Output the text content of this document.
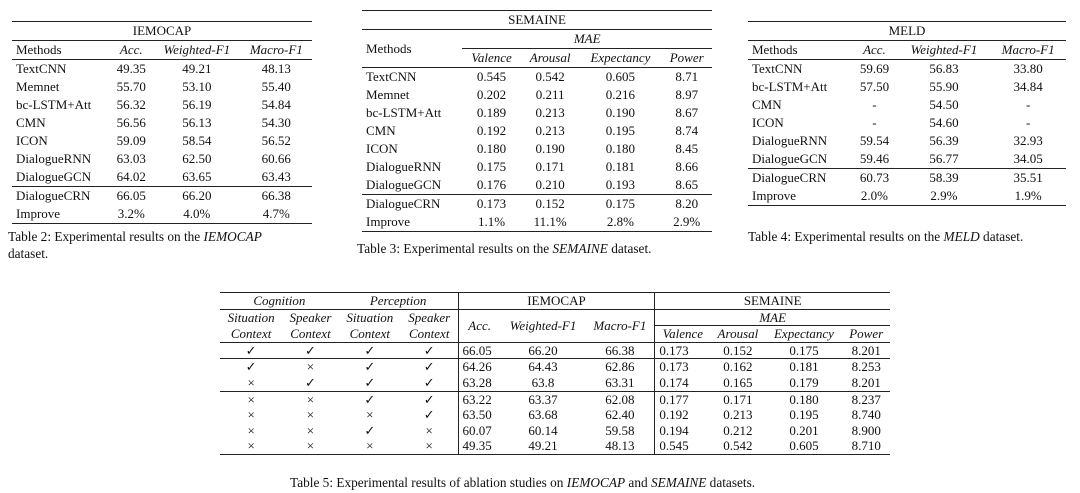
IEMOCAP			
Methods	Acc.	Weighted-F1	Macro-F1
TextCNN	49.35	49.21	48.13
Memnet	55.70	53.10	55.40
bc-LSTM+Att	56.32	56.19	54.84
CMN	56.56	56.13	54.30
ICON	59.09	58.54	56.52
DialogueRNN	63.03	62.50	60.66
DialogueGCN	64.02	63.65	63.43
DialogueCRN	66.05	66.20	66.38
Improve	3.2%	4.0%	4.7%
Table 2: Experimental results on the IEMOCAP
dataset.
SEMAINE				
Methods	MAE			
	Valence	Arousal	Expectancy	Power
TextCNN	0.545	0.542	0.605	8.71
Memnet	0.202	0.211	0.216	8.97
bc-LSTM+Att	0.189	0.213	0.190	8.67
CMN	0.192	0.213	0.195	8.74
ICON	0.180	0.190	0.180	8.45
DialogueRNN	0.175	0.171	0.181	8.66
DialogueGCN	0.176	0.210	0.193	8.65
DialogueCRN	0.173	0.152	0.175	8.20
Improve	1.1%	11.1%	2.8%	2.9%
Table 3: Experimental results on the SEMAINE dataset.
MELD			
Methods	Acc.	Weighted-F1	Macro-F1
TextCNN	59.69	56.83	33.80
bc-LSTM+Att	57.50	55.90	34.84
CMN	-	54.50	-
ICON	-	54.60	-
DialogueRNN	59.54	56.39	32.93
DialogueGCN	59.46	56.77	34.05
DialogueCRN	60.73	58.39	35.51
Improve	2.0%	2.9%	1.9%
Table 4: Experimental results on the MELD dataset.
Cognition		Perception		IEMOCAP			SEMAINE			
Situation	Speaker	Situation	Speaker	Acc.	Weighted-F1	Macro-F1	MAE			
Context	Context	Context	Context				Valence	Arousal	Expectancy	Power
✓	✓	✓	✓	66.05	66.20	66.38	0.173	0.152	0.175	8.201
✓	×	✓	✓	64.26	64.43	62.86	0.173	0.162	0.181	8.253
×	✓	✓	✓	63.28	63.8	63.31	0.174	0.165	0.179	8.201
×	×	✓	✓	63.22	63.37	62.08	0.177	0.171	0.180	8.237
×	×	×	✓	63.50	63.68	62.40	0.192	0.213	0.195	8.740
×	×	✓	×	60.07	60.14	59.58	0.194	0.212	0.201	8.900
×	×	×	×	49.35	49.21	48.13	0.545	0.542	0.605	8.710
Table 5: Experimental results of ablation studies on IEMOCAP and SEMAINE datasets.
